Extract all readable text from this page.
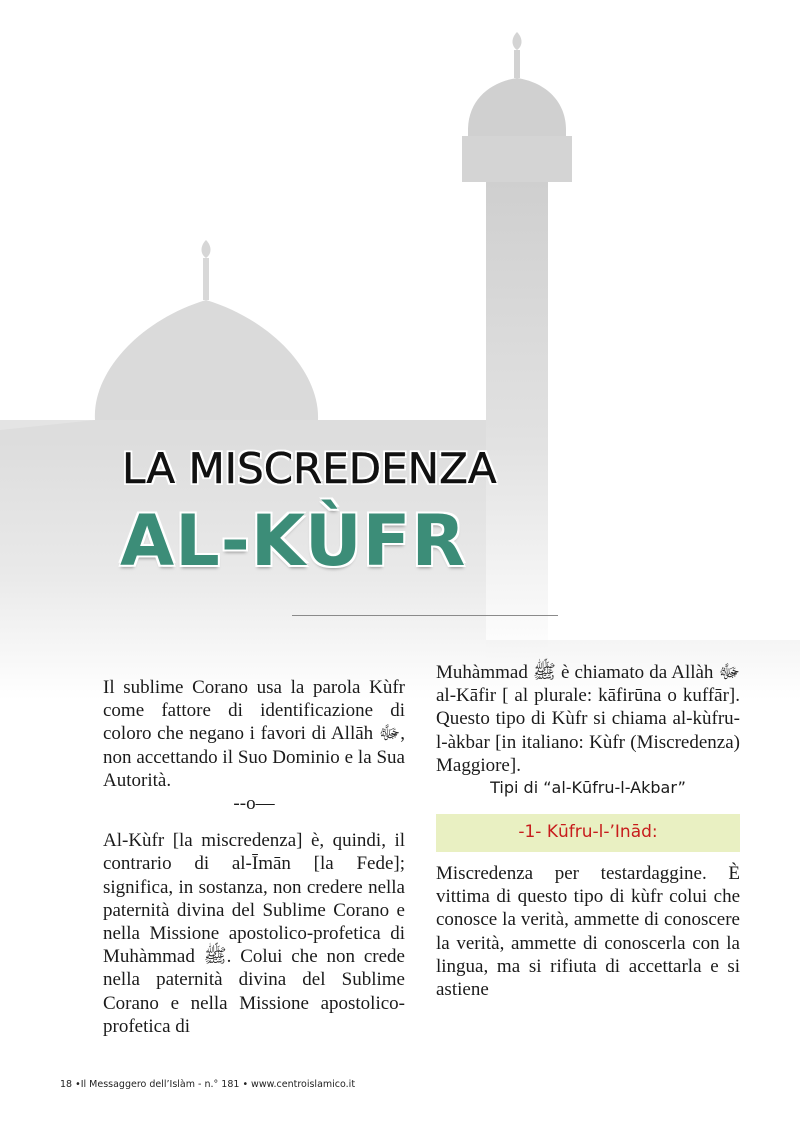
LA MISCREDENZA
AL-KÙFR

Il sublime Corano usa la parola Kùfr come fattore di identificazione di coloro che negano i favori di Allāh ﷻ, non accettando il Suo Dominio e la Sua Autorità.

--o—

Al-Kùfr [la miscredenza] è, quindi, il contrario di al-Īmān [la Fede]; significa, in sostanza, non credere nella paternità divina del Sublime Corano e nella Missione apostolico-profetica di Muhàmmad ﷺ. Colui che non crede nella paternità divina del Sublime Corano e nella Missione apostolico-profetica di

Muhàmmad ﷺ è chiamato da Allàh ﷻ al-Kāfir [ al plurale: kāfirūna o kuffār]. Questo tipo di Kùfr si chiama al-kùfru-l-àkbar [in italiano: Kùfr (Miscredenza) Maggiore].

Tipi di “al-Kūfru-l-Akbar”

-1- Kūfru-l-’Inād:

Miscredenza per testardaggine. È vittima di questo tipo di kùfr colui che conosce la verità, ammette di conoscere la verità, ammette di conoscerla con la lingua, ma si rifiuta di accettarla e si astiene

18 •Il Messaggero dell’Islàm - n.° 181 • www.centroislamico.it
